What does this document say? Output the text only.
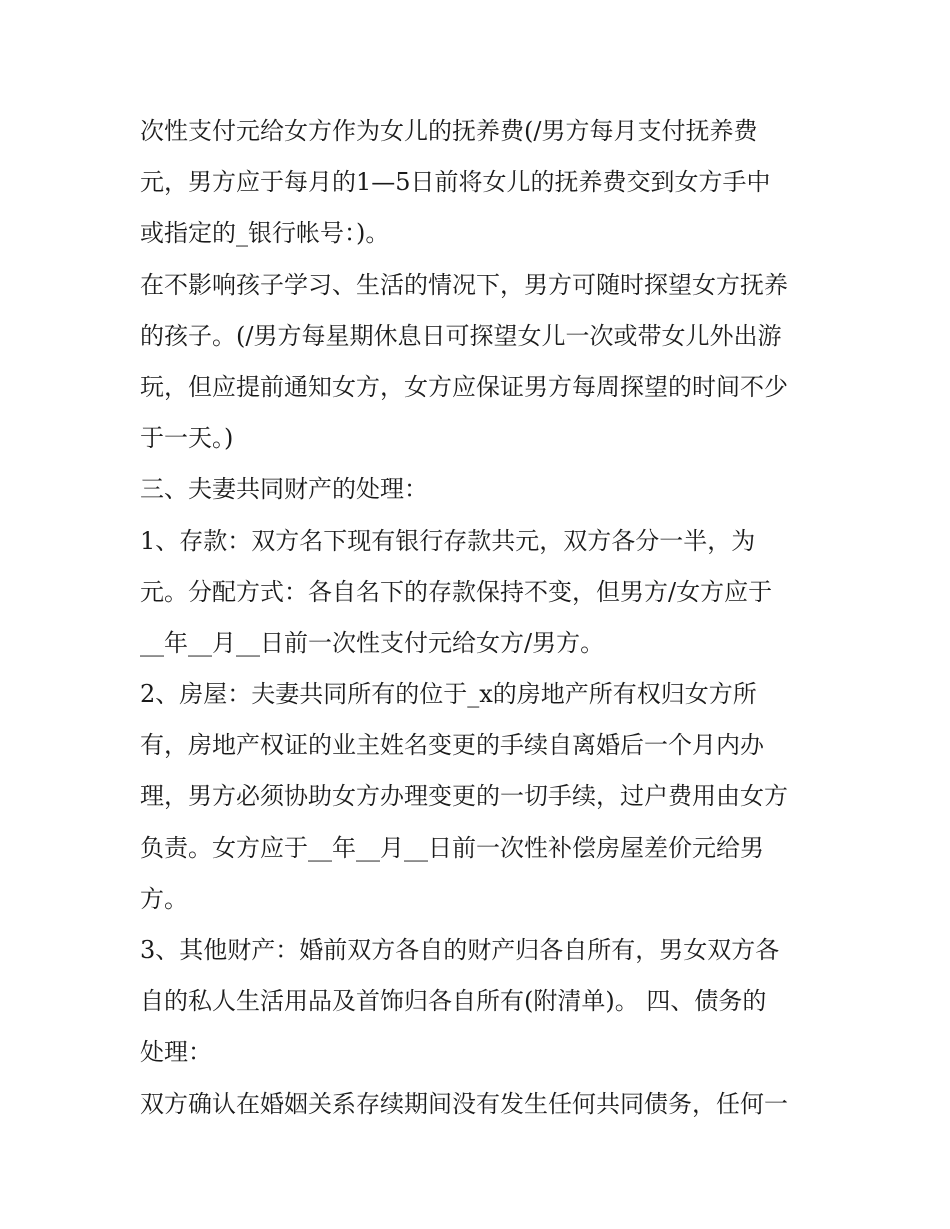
次性支付元给女方作为女儿的抚养费(/男方每月支付抚养费
元，男方应于每月的1—5日前将女儿的抚养费交到女方手中
或指定的_银行帐号：)。
在不影响孩子学习、生活的情况下，男方可随时探望女方抚养
的孩子。(/男方每星期休息日可探望女儿一次或带女儿外出游
玩，但应提前通知女方，女方应保证男方每周探望的时间不少
于一天。)
三、夫妻共同财产的处理：
1、存款：双方名下现有银行存款共元，双方各分一半，为
元。分配方式：各自名下的存款保持不变，但男方/女方应于
__年__月__日前一次性支付元给女方/男方。
2、房屋：夫妻共同所有的位于_x的房地产所有权归女方所
有，房地产权证的业主姓名变更的手续自离婚后一个月内办
理，男方必须协助女方办理变更的一切手续，过户费用由女方
负责。女方应于__年__月__日前一次性补偿房屋差价元给男
方。
3、其他财产：婚前双方各自的财产归各自所有，男女双方各
自的私人生活用品及首饰归各自所有(附清单)。 四、债务的
处理：
双方确认在婚姻关系存续期间没有发生任何共同债务，任何一
